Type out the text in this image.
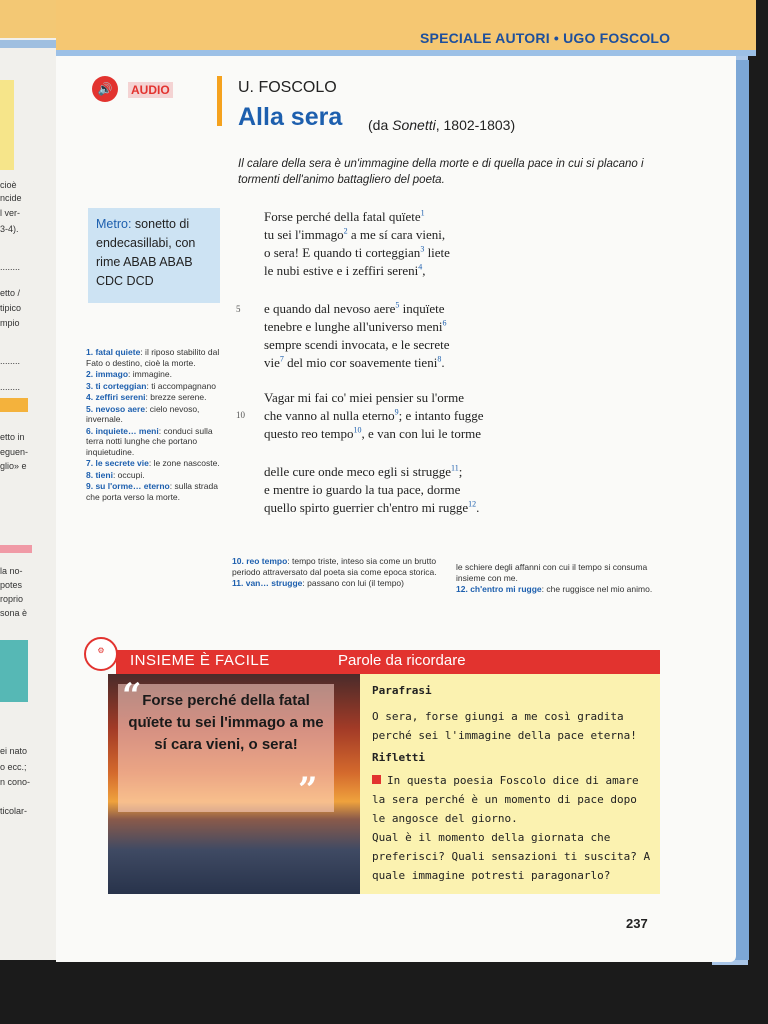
cioè
ncide
l ver-
3-4).
........
etto /
tipico
mpio
........
........
etto in
eguen-
glio» e
la no-
potes
roprio
sona è
ei nato
o ecc.;
n cono-
ticolar-
SPECIALE AUTORI • UGO FOSCOLO
🔊	AUDIO	U. FOSCOLO
Alla sera (da Sonetti, 1802-1803)
Il calare della sera è un'immagine della morte e di quella pace in cui si placano i tormenti dell'animo battagliero del poeta.
Metro: sonetto di endecasillabi, con rime ABAB ABAB CDC DCD
Forse perché della fatal quïete$^1$
tu sei l'immago$^2$ a me sí cara vieni,
o sera! E quando ti corteggian$^3$ liete
le nubi estive e i zeffiri sereni$^4$,
e quando dal nevoso aere$^5$ inquïete
tenebre e lunghe all'universo meni$^6$
sempre scendi invocata, e le secrete
vie$^7$ del mio cor soavemente tieni$^8$.
Vagar mi fai co' miei pensier su l'orme
che vanno al nulla eterno$^9$; e intanto fugge
questo reo tempo$^{10}$, e van con lui le torme
delle cure onde meco egli si strugge$^{11}$;
e mentre io guardo la tua pace, dorme
quello spirto guerrier ch'entro mi rugge$^{12}$.
5
10
1. fatal quiete: il riposo stabilito dal Fato o destino, cioè la morte.
2. immago: immagine.
3. ti corteggian: ti accompagnano
4. zeffiri sereni: brezze serene.
5. nevoso aere: cielo nevoso, invernale.
6. inquiete… meni: conduci sulla terra notti lunghe che portano inquietudine.
7. le secrete vie: le zone nascoste.
8. tieni: occupi.
9. su l'orme… eterno: sulla strada che porta verso la morte.
10. reo tempo: tempo triste, inteso sia come un brutto periodo attraversato dal poeta sia come epoca storica.
11. van… strugge: passano con lui (il tempo)
le schiere degli affanni con cui il tempo si consuma insieme con me.
12. ch'entro mi rugge: che ruggisce nel mio animo.
⚙
INSIEME È FACILE	Parole da ricordare
“ Forse perché della fatal quïete tu sei l'immago a me sí cara vieni, o sera!
”
Parafrasi
O sera, forse giungi a me così gradita perché sei l'immagine della pace eterna!
Rifletti
In questa poesia Foscolo dice di amare la sera perché è un momento di pace dopo le angosce del giorno.
Qual è il momento della giornata che preferisci? Quali sensazioni ti suscita? A quale immagine potresti paragonarlo?
237
